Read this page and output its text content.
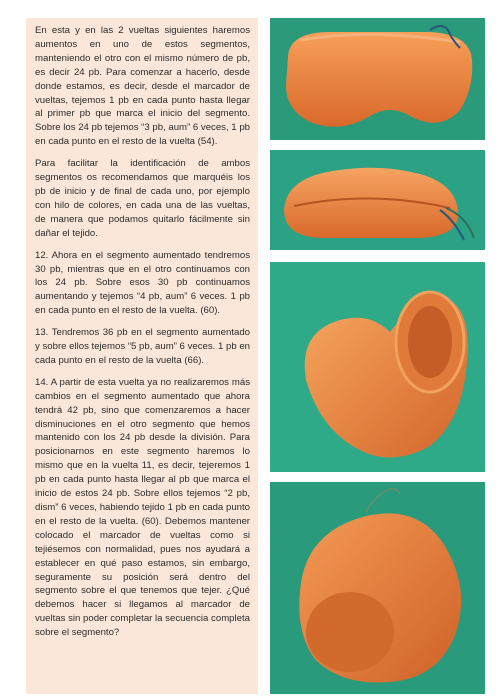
En esta y en las 2 vueltas siguientes haremos aumentos en uno de estos segmentos, manteniendo el otro con el mismo número de pb, es decir 24 pb. Para comenzar a hacerlo, desde donde estamos, es decir, desde el marcador de vueltas, tejemos 1 pb en cada punto hasta llegar al primer pb que marca el inicio del segmento. Sobre los 24 pb tejemos “3 pb, aum” 6 veces, 1 pb en cada punto en el resto de la vuelta (54).

Para facilitar la identificación de ambos segmentos os recomendamos que marquéis los pb de inicio y de final de cada uno, por ejemplo con hilo de colores, en cada una de las vueltas, de manera que podamos quitarlo fácilmente sin dañar el tejido.

12. Ahora en el segmento aumentado tendremos 30 pb, mientras que en el otro continuamos con los 24 pb. Sobre esos 30 pb continuamos aumentando y tejemos “4 pb, aum” 6 veces. 1 pb en cada punto en el resto de la vuelta. (60).

13. Tendremos 36 pb en el segmento aumentado y sobre ellos tejemos “5 pb, aum” 6 veces. 1 pb en cada punto en el resto de la vuelta (66).

14. A partir de esta vuelta ya no realizaremos más cambios en el segmento aumentado que ahora tendrá 42 pb, sino que comenzaremos a hacer disminuciones en el otro segmento que hemos mantenido con los 24 pb desde la división. Para posicionarnos en este segmento haremos lo mismo que en la vuelta 11, es decir, tejeremos 1 pb en cada punto hasta llegar al pb que marca el inicio de estos 24 pb. Sobre ellos tejemos “2 pb, dism” 6 veces, habiendo tejido 1 pb en cada punto en el resto de la vuelta. (60). Debemos mantener colocado el marcador de vueltas como si tejiésemos con normalidad, pues nos ayudará a establecer en qué paso estamos, sin embargo, seguramente su posición será dentro del segmento sobre el que tenemos que tejer. ¿Qué debemos hacer si llegamos al marcador de vueltas sin poder completar la secuencia completa sobre el segmento?
